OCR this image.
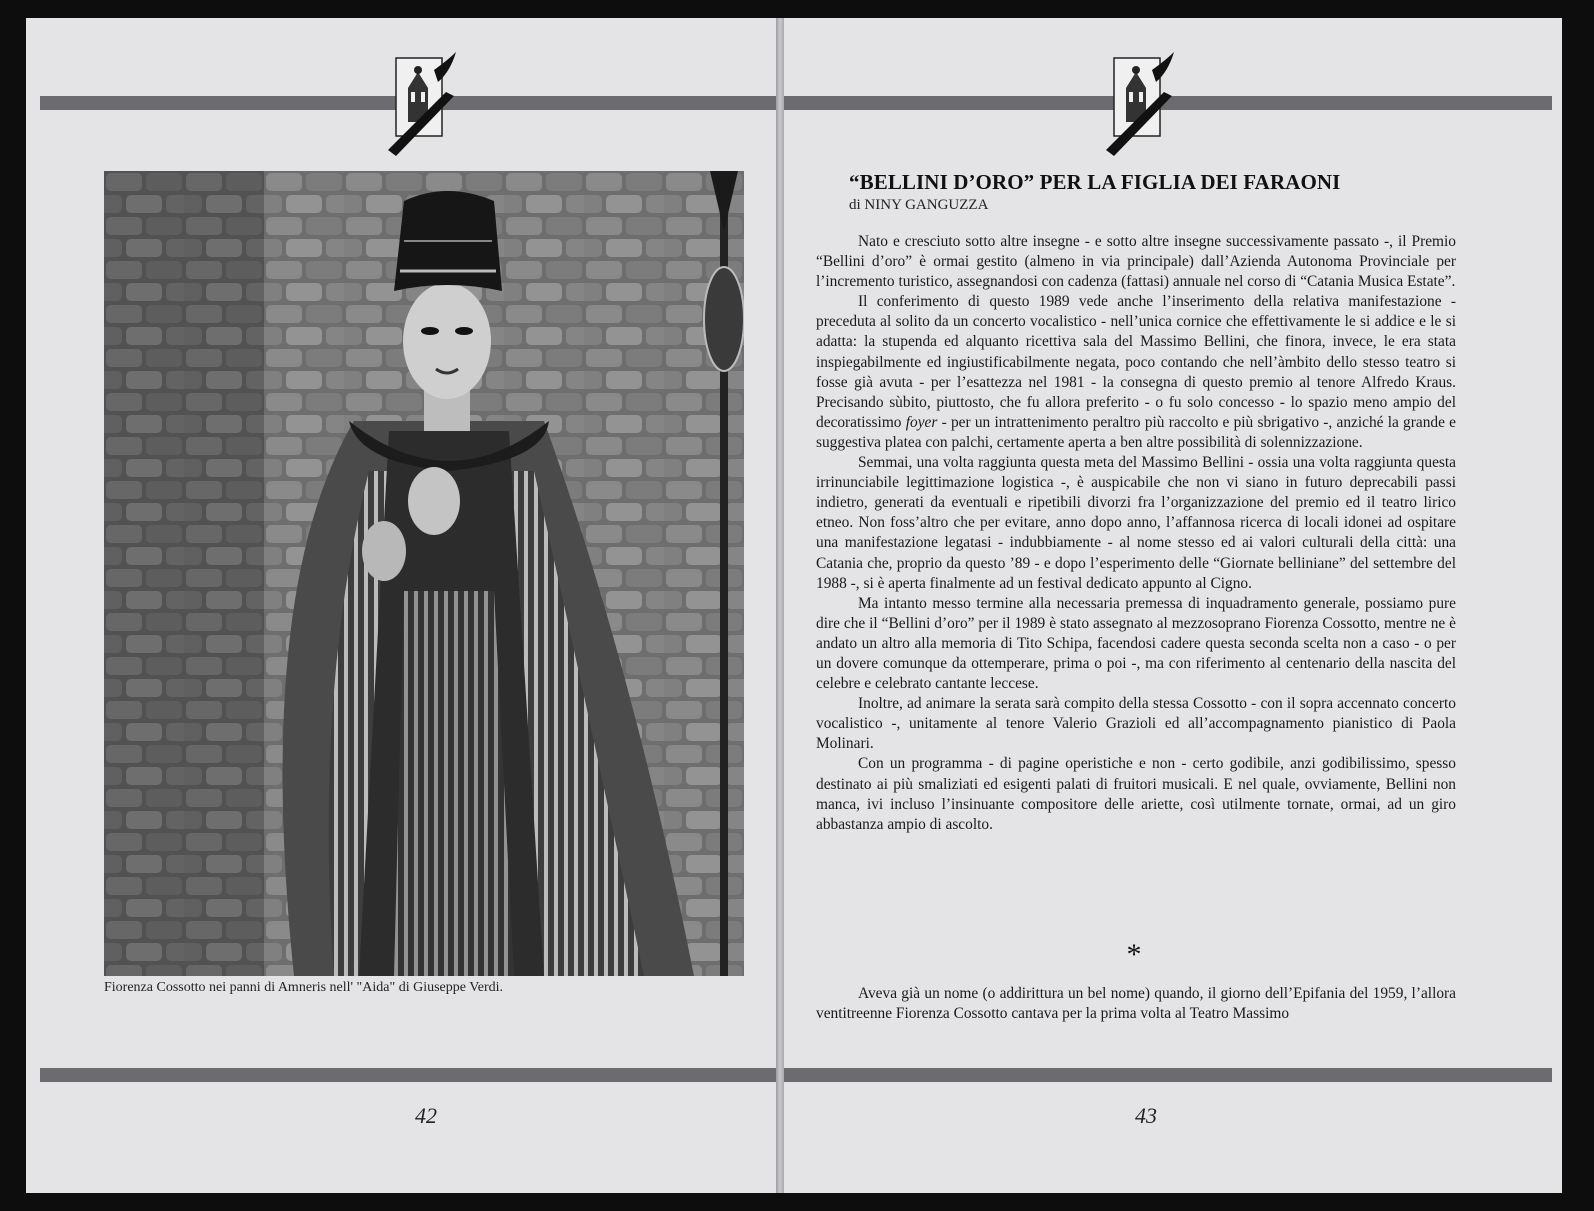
Fiorenza Cossotto nei panni di Amneris nell' "Aida" di Giuseppe Verdi.
42
“BELLINI D’ORO” PER LA FIGLIA DEI FARAONI
di NINY GANGUZZA

Nato e cresciuto sotto altre insegne - e sotto altre insegne successivamente passato -, il Premio “Bellini d’oro” è ormai gestito (almeno in via principale) dall’Azienda Autonoma Provinciale per l’incremento turistico, assegnandosi con cadenza (fattasi) annuale nel corso di “Catania Musica Estate”.

Il conferimento di questo 1989 vede anche l’inserimento della relativa manifestazione - preceduta al solito da un concerto vocalistico - nell’unica cornice che effettivamente le si addice e le si adatta: la stupenda ed alquanto ricettiva sala del Massimo Bellini, che finora, invece, le era stata inspiegabilmente ed ingiustificabilmente negata, poco contando che nell’àmbito dello stesso teatro si fosse già avuta - per l’esattezza nel 1981 - la consegna di questo premio al tenore Alfredo Kraus. Precisando sùbito, piuttosto, che fu allora preferito - o fu solo concesso - lo spazio meno ampio del decoratissimo foyer - per un intrattenimento peraltro più raccolto e più sbrigativo -, anziché la grande e suggestiva platea con palchi, certamente aperta a ben altre possibilità di solennizzazione.

Semmai, una volta raggiunta questa meta del Massimo Bellini - ossia una volta raggiunta questa irrinunciabile legittimazione logistica -, è auspicabile che non vi siano in futuro deprecabili passi indietro, generati da eventuali e ripetibili divorzi fra l’organizzazione del premio ed il teatro lirico etneo. Non foss’altro che per evitare, anno dopo anno, l’affannosa ricerca di locali idonei ad ospitare una manifestazione legatasi - indubbiamente - al nome stesso ed ai valori culturali della città: una Catania che, proprio da questo ’89 - e dopo l’esperimento delle “Giornate belliniane” del settembre del 1988 -, si è aperta finalmente ad un festival dedicato appunto al Cigno.

Ma intanto messo termine alla necessaria premessa di inquadramento generale, possiamo pure dire che il “Bellini d’oro” per il 1989 è stato assegnato al mezzosoprano Fiorenza Cossotto, mentre ne è andato un altro alla memoria di Tito Schipa, facendosi cadere questa seconda scelta non a caso - o per un dovere comunque da ottemperare, prima o poi -, ma con riferimento al centenario della nascita del celebre e celebrato cantante leccese.

Inoltre, ad animare la serata sarà compito della stessa Cossotto - con il sopra accennato concerto vocalistico -, unitamente al tenore Valerio Grazioli ed all’accompagnamento pianistico di Paola Molinari.

Con un programma - di pagine operistiche e non - certo godibile, anzi godibilissimo, spesso destinato ai più smaliziati ed esigenti palati di fruitori musicali. E nel quale, ovviamente, Bellini non manca, ivi incluso l’insinuante compositore delle ariette, così utilmente tornate, ormai, ad un giro abbastanza ampio di ascolto.

*

Aveva già un nome (o addirittura un bel nome) quando, il giorno dell’Epifania del 1959, l’allora ventitreenne Fiorenza Cossotto cantava per la prima volta al Teatro Massimo

43
